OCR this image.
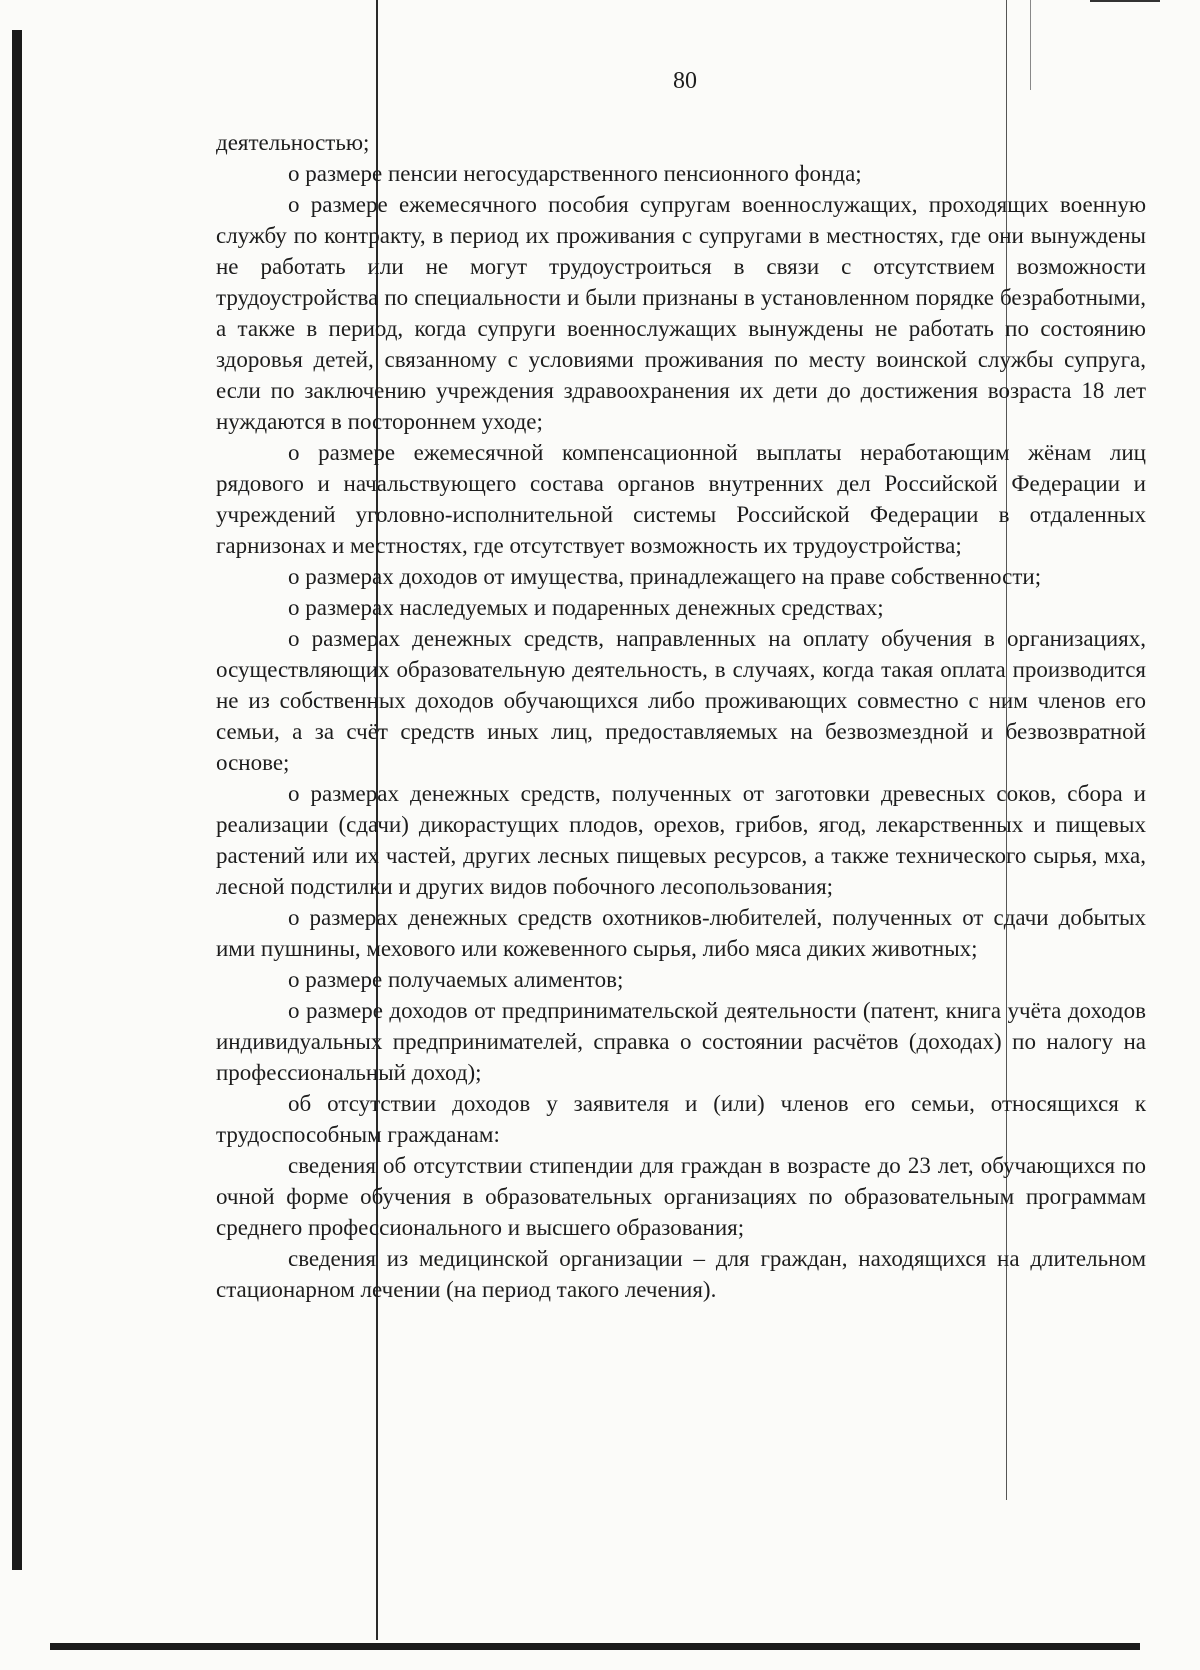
80

деятельностью;

о размере пенсии негосударственного пенсионного фонда;

о размере ежемесячного пособия супругам военнослужащих, проходящих военную службу по контракту, в период их проживания с супругами в местностях, где они вынуждены не работать или не могут трудоустроиться в связи с отсутствием возможности трудоустройства по специальности и были признаны в установленном порядке безработными, а также в период, когда супруги военнослужащих вынуждены не работать по состоянию здоровья детей, связанному с условиями проживания по месту воинской службы супруга, если по заключению учреждения здравоохранения их дети до достижения возраста 18 лет нуждаются в постороннем уходе;

о размере ежемесячной компенсационной выплаты неработающим жёнам лиц рядового и начальствующего состава органов внутренних дел Российской Федерации и учреждений уголовно-исполнительной системы Российской Федерации в отдаленных гарнизонах и местностях, где отсутствует возможность их трудоустройства;

о размерах доходов от имущества, принадлежащего на праве собственности;

о размерах наследуемых и подаренных денежных средствах;

о размерах денежных средств, направленных на оплату обучения в организациях, осуществляющих образовательную деятельность, в случаях, когда такая оплата производится не из собственных доходов обучающихся либо проживающих совместно с ним членов его семьи, а за счёт средств иных лиц, предоставляемых на безвозмездной и безвозвратной основе;

о размерах денежных средств, полученных от заготовки древесных соков, сбора и реализации (сдачи) дикорастущих плодов, орехов, грибов, ягод, лекарственных и пищевых растений или их частей, других лесных пищевых ресурсов, а также технического сырья, мха, лесной подстилки и других видов побочного лесопользования;

о размерах денежных средств охотников-любителей, полученных от сдачи добытых ими пушнины, мехового или кожевенного сырья, либо мяса диких животных;

о размере получаемых алиментов;

о размере доходов от предпринимательской деятельности (патент, книга учёта доходов индивидуальных предпринимателей, справка о состоянии расчётов (доходах) по налогу на профессиональный доход);

об отсутствии доходов у заявителя и (или) членов его семьи, относящихся к трудоспособным гражданам:

сведения об отсутствии стипендии для граждан в возрасте до 23 лет, обучающихся по очной форме обучения в образовательных организациях по образовательным программам среднего профессионального и высшего образования;

сведения из медицинской организации – для граждан, находящихся на длительном стационарном лечении (на период такого лечения).
